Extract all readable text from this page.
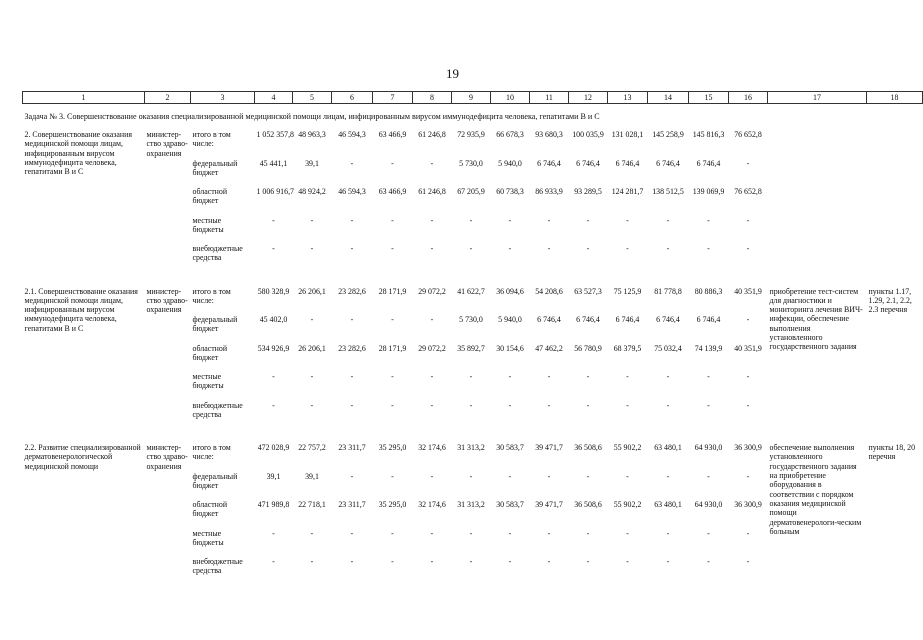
19
1	2	3	4	5	6	7	8	9	10	11	12	13	14	15	16	17	18
Задача № 3. Совершенствование оказания специализированной медицинской помощи лицам, инфицированным вирусом иммунодефицита человека, гепатитами В и С																	
2. Совершенствование оказания медицинской помощи лицам, инфицированным вирусом иммунодефицита человека, гепатитами В и С	министер-ство здраво-охранения	итого в том числе:	1 052 357,8	48 963,3	46 594,3	63 466,9	61 246,8	72 935,9	66 678,3	93 680,3	100 035,9	131 028,1	145 258,9	145 816,3	76 652,8		
		федеральный бюджет	45 441,1	39,1	-	-	-	5 730,0	5 940,0	6 746,4	6 746,4	6 746,4	6 746,4	6 746,4	-		
		областной бюджет	1 006 916,7	48 924,2	46 594,3	63 466,9	61 246,8	67 205,9	60 738,3	86 933,9	93 289,5	124 281,7	138 512,5	139 069,9	76 652,8		
		местные бюджеты	-	-	-	-	-	-	-	-	-	-	-	-	-		
		внебюджетные средства	-	-	-	-	-	-	-	-	-	-	-	-	-		

2.1. Совершенствование оказания медицинской помощи лицам, инфицированным вирусом иммунодефицита человека, гепатитами В и С	министер-ство здраво-охранения	итого в том числе:	580 328,9	26 206,1	23 282,6	28 171,9	29 072,2	41 622,7	36 094,6	54 208,6	63 527,3	75 125,9	81 778,8	80 886,3	40 351,9	приобретение тест-систем для диагностики и мониторинга лечения ВИЧ-инфекции, обеспечение выполнения установленного государственного задания	пункты 1.17, 1.29, 2.1, 2.2, 2.3 перечня
		федеральный бюджет	45 402,0	-	-	-	-	5 730,0	5 940,0	6 746,4	6 746,4	6 746,4	6 746,4	6 746,4	-		
		областной бюджет	534 926,9	26 206,1	23 282,6	28 171,9	29 072,2	35 892,7	30 154,6	47 462,2	56 780,9	68 379,5	75 032,4	74 139,9	40 351,9		
		местные бюджеты	-	-	-	-	-	-	-	-	-	-	-	-	-		
		внебюджетные средства	-	-	-	-	-	-	-	-	-	-	-	-	-		

2.2. Развитие специализированной дерматовенерологической медицинской помощи	министер-ство здраво-охранения	итого в том числе:	472 028,9	22 757,2	23 311,7	35 295,0	32 174,6	31 313,2	30 583,7	39 471,7	36 508,6	55 902,2	63 480,1	64 930,0	36 300,9	обеспечение выполнения установленного государственного задания на приобретение оборудования в соответствии с порядком оказания медицинской помощи дерматовенерологи-ческим больным	пункты 18, 20 перечня
		федеральный бюджет	39,1	39,1	-	-	-	-	-	-	-	-	-	-	-		
		областной бюджет	471 989,8	22 718,1	23 311,7	35 295,0	32 174,6	31 313,2	30 583,7	39 471,7	36 508,6	55 902,2	63 480,1	64 930,0	36 300,9		
		местные бюджеты	-	-	-	-	-	-	-	-	-	-	-	-	-		
		внебюджетные средства	-	-	-	-	-	-	-	-	-	-	-	-	-		
